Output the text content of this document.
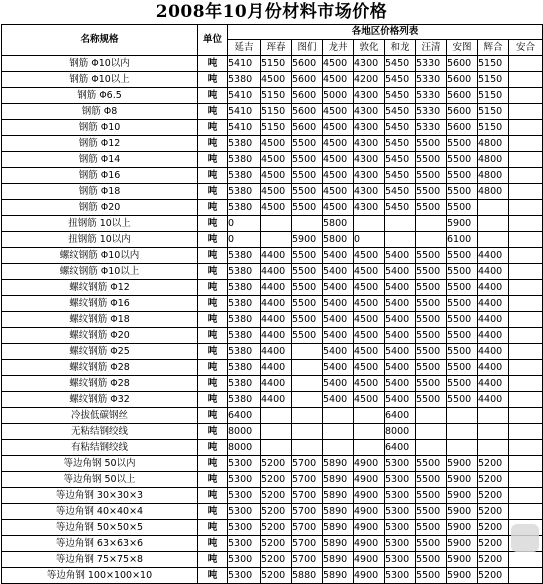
2008年10月份材料市场价格
名称规格	单位	各地区价格列表									
		延吉	珲春	图们	龙井	敦化	和龙	汪清	安图	辉合	安合
钢筋 Φ10以内	吨	5410	5150	5600	4500	4300	5450	5330	5600	5150	
钢筋 Φ10以上	吨	5380	4500	5600	4500	4200	5450	5330	5600	5150	
钢筋 Φ6.5	吨	5410	5150	5600	5000	4300	5450	5330	5600	5150	
钢筋 Φ8	吨	5410	5150	5600	4500	4300	5450	5330	5600	5150	
钢筋 Φ10	吨	5410	5150	5600	4500	4300	5450	5330	5600	5150	
钢筋 Φ12	吨	5380	4500	5500	4500	4300	5450	5500	5500	4800	
钢筋 Φ14	吨	5380	4500	5500	4500	4300	5450	5500	5500	4800	
钢筋 Φ16	吨	5380	4500	5500	4500	4300	5450	5500	5500	4800	
钢筋 Φ18	吨	5380	4500	5500	4500	4300	5450	5500	5500	4800	
钢筋 Φ20	吨	5380	4500	5500	4500	4300	5450	5500	5500		
扭钢筋 10以上	吨	0			5800				5900		
扭钢筋 10以内	吨	0		5900	5800	0			6100		
螺纹钢筋 Φ10以内	吨	5380	4400	5500	5400	4500	5400	5500	5500	4400	
螺纹钢筋 Φ10以上	吨	5380	4400	5500	5400	4500	5400	5500	5500	4400	
螺纹钢筋 Φ12	吨	5380	4400	5500	5400	4500	5400	5500	5500	4400	
螺纹钢筋 Φ16	吨	5380	4400	5500	5400	4500	5400	5500	5500	4400	
螺纹钢筋 Φ18	吨	5380	4400	5500	5400	4500	5400	5500	5500	4400	
螺纹钢筋 Φ20	吨	5380	4400	5500	5400	4500	5400	5500	5500	4400	
螺纹钢筋 Φ25	吨	5380	4400		5400	4500	5400	5500	5500	4400	
螺纹钢筋 Φ28	吨	5380	4400		5400	4500	5400	5500	5500	4400	
螺纹钢筋 Φ28	吨	5380	4400		5400	4500	5400	5500	5500	4400	
螺纹钢筋 Φ32	吨	5380	4400		5400	4500	5400	5500	5500	4400	
冷拔低碳钢丝	吨	6400					6400				
无粘结钢绞线	吨	8000					8000				
有粘结钢绞线	吨	8000					6400				
等边角钢 50以内	吨	5300	5200	5700	5890	4900	5300	5500	5900	5200	
等边角钢 50以上	吨	5300	5200	5700	5890	4900	5300	5500	5900	5200	
等边角钢 30×30×3	吨	5300	5200	5700	5890	4900	5300	5500	5900	5200	
等边角钢 40×40×4	吨	5300	5200	5700	5890	4900	5300	5500	5900	5200	
等边角钢 50×50×5	吨	5300	5200	5700	5890	4900	5300	5500	5900	5200	
等边角钢 63×63×6	吨	5300	5200	5700	5890	4900	5300	5500	5900	5200	
等边角钢 75×75×8	吨	5300	5200	5700	5890	4900	5300	5500	5900	5200	
等边角钢 100×100×10	吨	5300	5200	5880	5890	4900	5300	5500	5900	5200	
